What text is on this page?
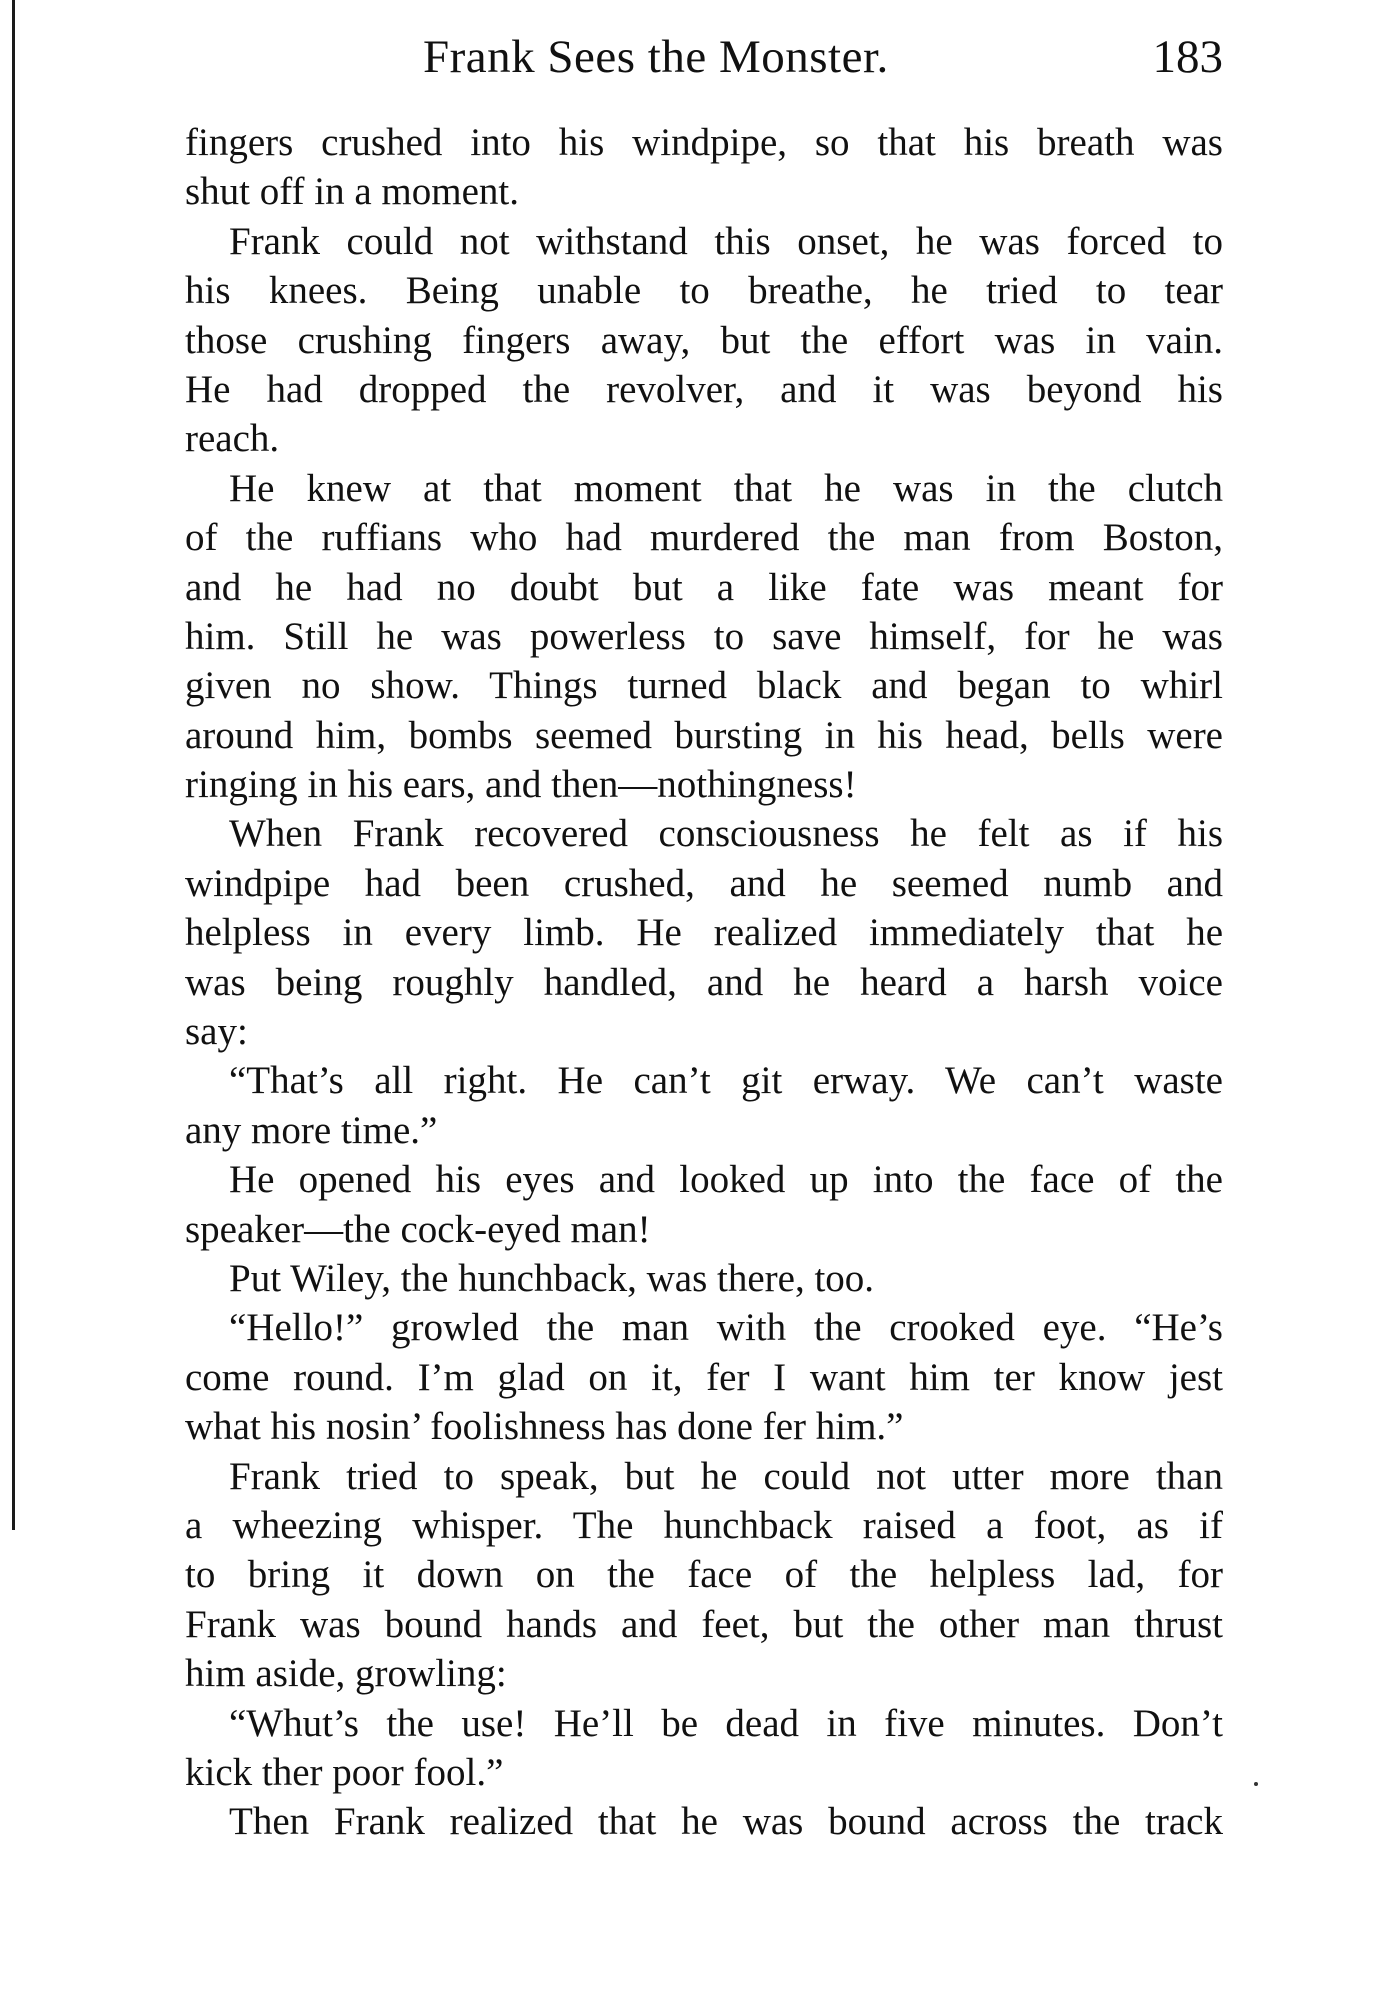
Frank Sees the Monster.	183
fingers crushed into his windpipe, so that his breath was
shut off in a moment.
Frank could not withstand this onset, he was forced to
his knees. Being unable to breathe, he tried to tear
those crushing fingers away, but the effort was in vain.
He had dropped the revolver, and it was beyond his
reach.
He knew at that moment that he was in the clutch
of the ruffians who had murdered the man from Boston,
and he had no doubt but a like fate was meant for
him. Still he was powerless to save himself, for he was
given no show. Things turned black and began to whirl
around him, bombs seemed bursting in his head, bells were
ringing in his ears, and then—nothingness!
When Frank recovered consciousness he felt as if his
windpipe had been crushed, and he seemed numb and
helpless in every limb. He realized immediately that he
was being roughly handled, and he heard a harsh voice
say:
“That’s all right. He can’t git erway. We can’t waste
any more time.”
He opened his eyes and looked up into the face of the
speaker—the cock-eyed man!
Put Wiley, the hunchback, was there, too.
“Hello!” growled the man with the crooked eye. “He’s
come round. I’m glad on it, fer I want him ter know jest
what his nosin’ foolishness has done fer him.”
Frank tried to speak, but he could not utter more than
a wheezing whisper. The hunchback raised a foot, as if
to bring it down on the face of the helpless lad, for
Frank was bound hands and feet, but the other man thrust
him aside, growling:
“Whut’s the use! He’ll be dead in five minutes. Don’t
kick ther poor fool.”
Then Frank realized that he was bound across the track
